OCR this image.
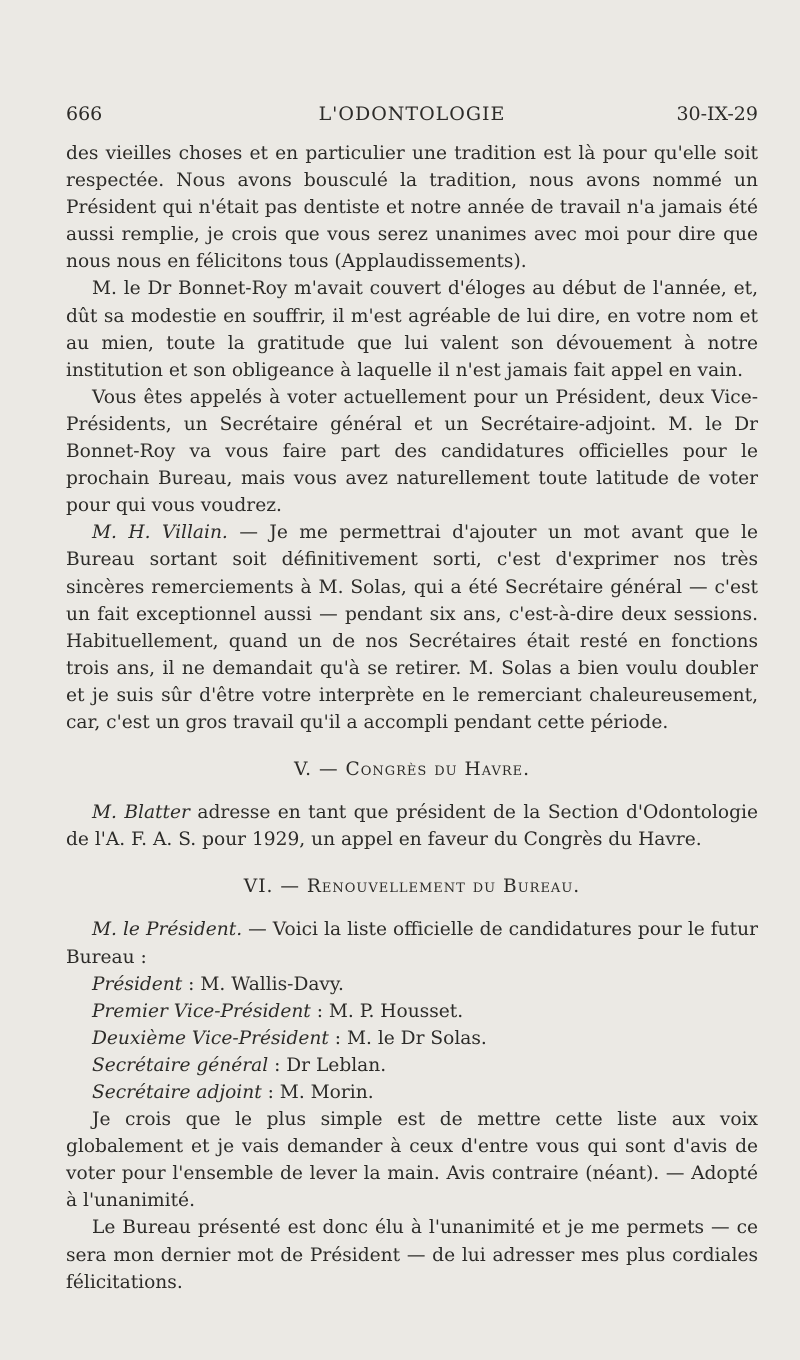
666	L'ODONTOLOGIE	30-IX-29

des vieilles choses et en particulier une tradition est là pour qu'elle soit respectée. Nous avons bousculé la tradition, nous avons nommé un Président qui n'était pas dentiste et notre année de travail n'a jamais été aussi remplie, je crois que vous serez unanimes avec moi pour dire que nous nous en félicitons tous (Applaudissements).

M. le Dr Bonnet-Roy m'avait couvert d'éloges au début de l'année, et, dût sa modestie en souffrir, il m'est agréable de lui dire, en votre nom et au mien, toute la gratitude que lui valent son dévouement à notre institution et son obligeance à laquelle il n'est jamais fait appel en vain.

Vous êtes appelés à voter actuellement pour un Président, deux Vice-Présidents, un Secrétaire général et un Secrétaire-adjoint. M. le Dr Bonnet-Roy va vous faire part des candidatures officielles pour le prochain Bureau, mais vous avez naturellement toute latitude de voter pour qui vous voudrez.

M. H. Villain. — Je me permettrai d'ajouter un mot avant que le Bureau sortant soit définitivement sorti, c'est d'exprimer nos très sincères remerciements à M. Solas, qui a été Secrétaire général — c'est un fait exceptionnel aussi — pendant six ans, c'est-à-dire deux sessions. Habituellement, quand un de nos Secrétaires était resté en fonctions trois ans, il ne demandait qu'à se retirer. M. Solas a bien voulu doubler et je suis sûr d'être votre interprète en le remerciant chaleureusement, car, c'est un gros travail qu'il a accompli pendant cette période.

V. — Congrès du Havre.

M. Blatter adresse en tant que président de la Section d'Odontologie de l'A. F. A. S. pour 1929, un appel en faveur du Congrès du Havre.

VI. — Renouvellement du Bureau.

M. le Président. — Voici la liste officielle de candidatures pour le futur Bureau :

Président : M. Wallis-Davy.
Premier Vice-Président : M. P. Housset.
Deuxième Vice-Président : M. le Dr Solas.
Secrétaire général : Dr Leblan.
Secrétaire adjoint : M. Morin.

Je crois que le plus simple est de mettre cette liste aux voix globalement et je vais demander à ceux d'entre vous qui sont d'avis de voter pour l'ensemble de lever la main. Avis contraire (néant). — Adopté à l'unanimité.

Le Bureau présenté est donc élu à l'unanimité et je me permets — ce sera mon dernier mot de Président — de lui adresser mes plus cordiales félicitations.
